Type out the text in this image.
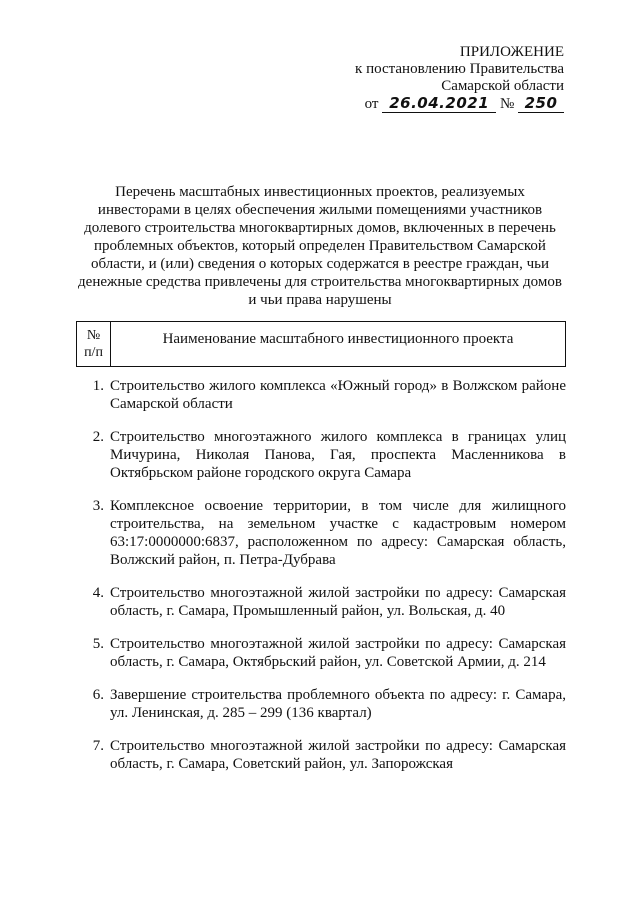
ПРИЛОЖЕНИЕ
к постановлению Правительства
Самарской области
от 26.04.2021 № 250
Перечень масштабных инвестиционных проектов, реализуемых инвесторами в целях обеспечения жилыми помещениями участников долевого строительства многоквартирных домов, включенных в перечень проблемных объектов, который определен Правительством Самарской области, и (или) сведения о которых содержатся в реестре граждан, чьи денежные средства привлечены для строительства многоквартирных домов и чьи права нарушены
№
п/п
Наименование масштабного инвестиционного проекта
1. Строительство жилого комплекса «Южный город» в Волжском районе Самарской области
2. Строительство многоэтажного жилого комплекса в границах улиц Мичурина, Николая Панова, Гая, проспекта Масленникова в Октябрьском районе городского округа Самара
3. Комплексное освоение территории, в том числе для жилищного строительства, на земельном участке с кадастровым номером 63:17:0000000:6837, расположенном по адресу: Самарская область, Волжский район, п. Петра-Дубрава
4. Строительство многоэтажной жилой застройки по адресу: Самарская область, г. Самара, Промышленный район, ул. Вольская, д. 40
5. Строительство многоэтажной жилой застройки по адресу: Самарская область, г. Самара, Октябрьский район, ул. Советской Армии, д. 214
6. Завершение строительства проблемного объекта по адресу: г. Самара, ул. Ленинская, д. 285 – 299 (136 квартал)
7. Строительство многоэтажной жилой застройки по адресу: Самарская область, г. Самара, Советский район, ул. Запорожская
